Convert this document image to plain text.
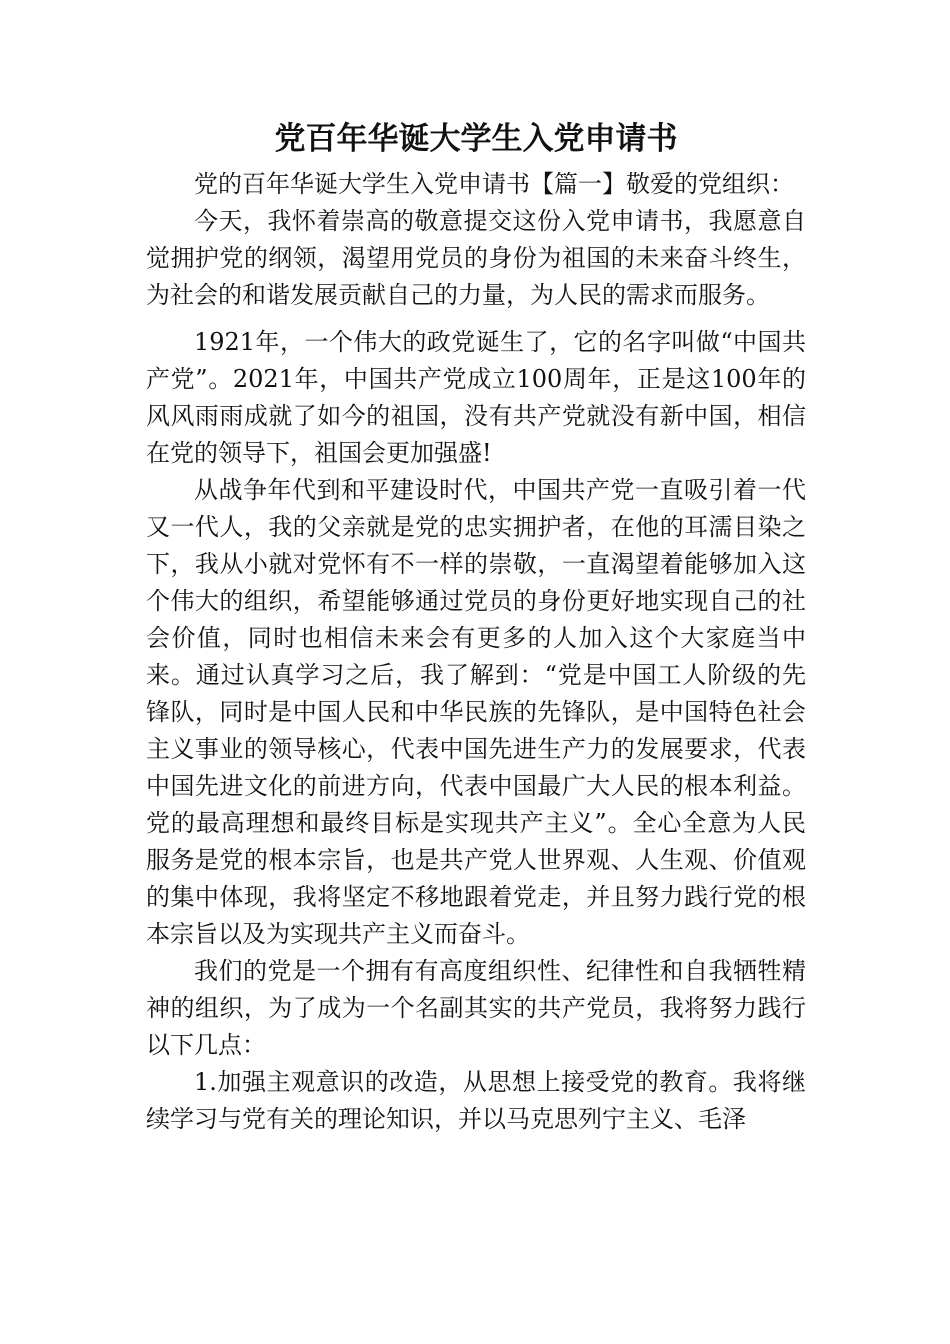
党百年华诞大学生入党申请书

党的百年华诞大学生入党申请书【篇一】敬爱的党组织：

今天，我怀着崇高的敬意提交这份入党申请书，我愿意自觉拥护党的纲领，渴望用党员的身份为祖国的未来奋斗终生，为社会的和谐发展贡献自己的力量，为人民的需求而服务。

1921年，一个伟大的政党诞生了，它的名字叫做“中国共产党”。2021年，中国共产党成立100周年，正是这100年的风风雨雨成就了如今的祖国，没有共产党就没有新中国，相信在党的领导下，祖国会更加强盛!

从战争年代到和平建设时代，中国共产党一直吸引着一代又一代人，我的父亲就是党的忠实拥护者，在他的耳濡目染之下，我从小就对党怀有不一样的崇敬，一直渴望着能够加入这个伟大的组织，希望能够通过党员的身份更好地实现自己的社会价值，同时也相信未来会有更多的人加入这个大家庭当中来。通过认真学习之后，我了解到：“党是中国工人阶级的先锋队，同时是中国人民和中华民族的先锋队，是中国特色社会主义事业的领导核心，代表中国先进生产力的发展要求，代表中国先进文化的前进方向，代表中国最广大人民的根本利益。党的最高理想和最终目标是实现共产主义”。全心全意为人民服务是党的根本宗旨，也是共产党人世界观、人生观、价值观的集中体现，我将坚定不移地跟着党走，并且努力践行党的根本宗旨以及为实现共产主义而奋斗。

我们的党是一个拥有有高度组织性、纪律性和自我牺牲精神的组织，为了成为一个名副其实的共产党员，我将努力践行以下几点：

1.加强主观意识的改造，从思想上接受党的教育。我将继续学习与党有关的理论知识，并以马克思列宁主义、毛泽
